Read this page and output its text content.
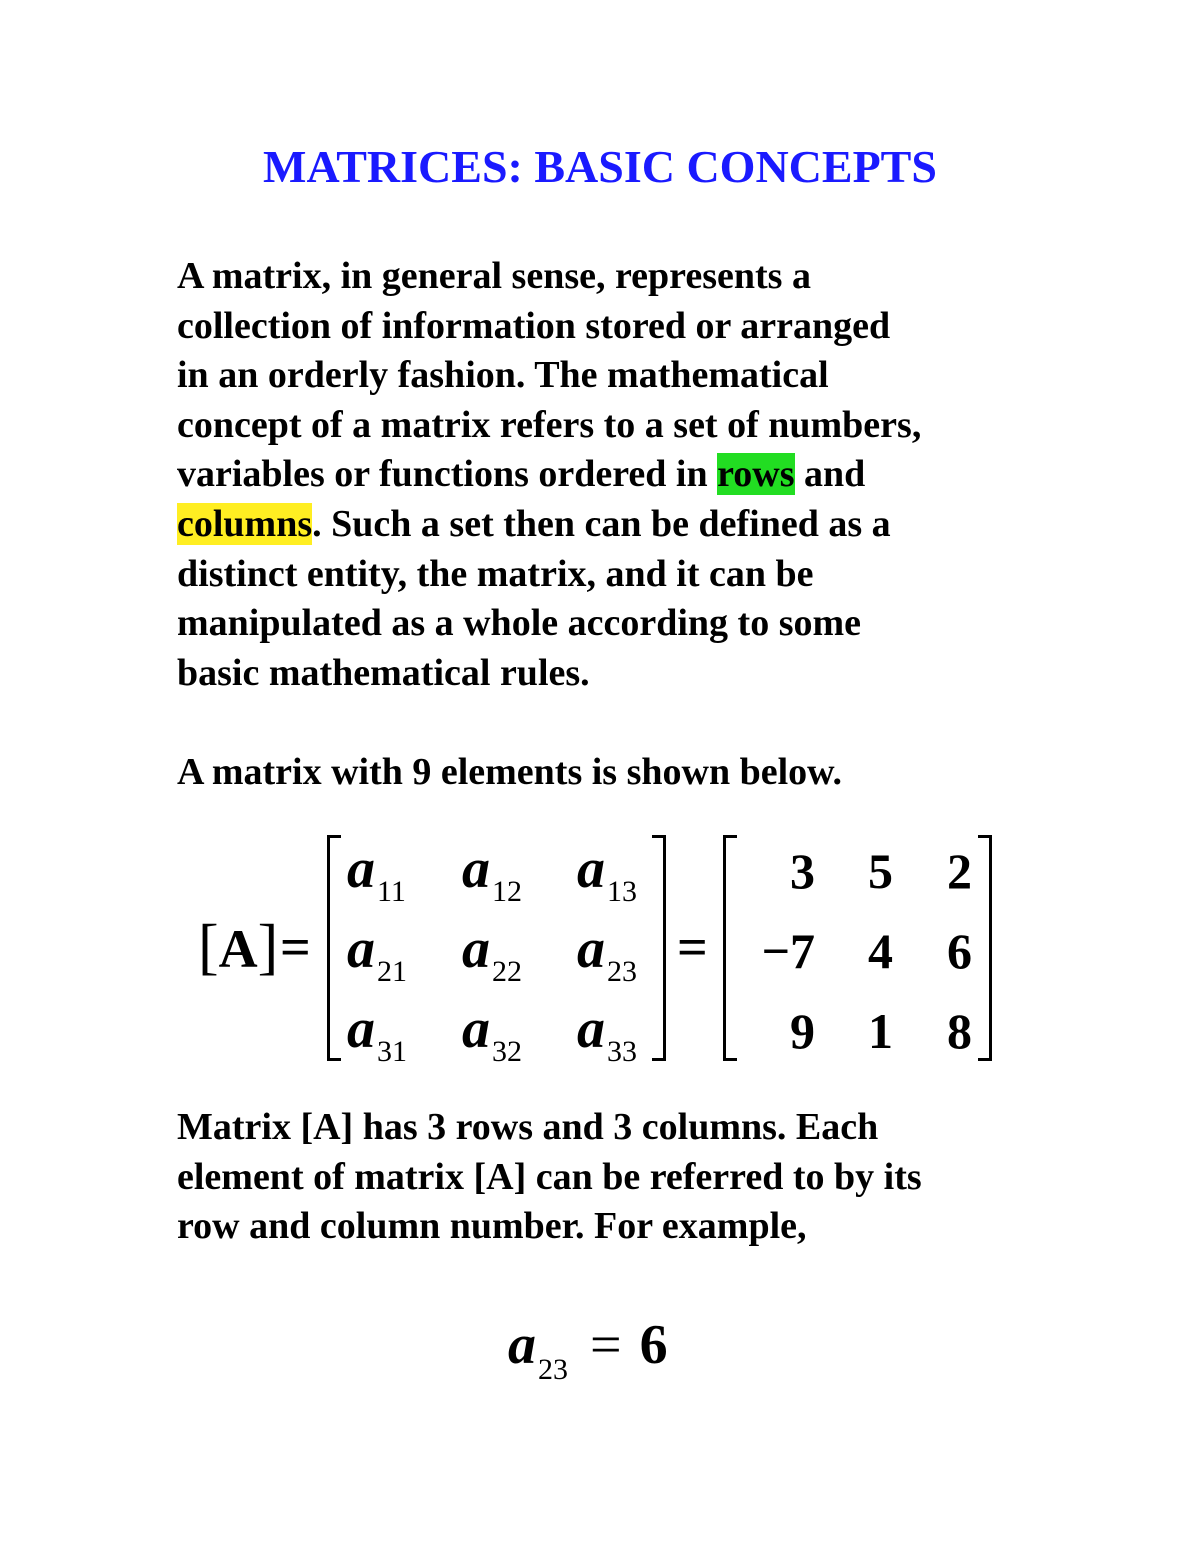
MATRICES: BASIC CONCEPTS

A matrix, in general sense, represents a
collection of information stored or arranged
in an orderly fashion. The mathematical
concept of a matrix refers to a set of numbers,
variables or functions ordered in rows and
columns. Such a set then can be defined as a
distinct entity, the matrix, and it can be
manipulated as a whole according to some
basic mathematical rules.

A matrix with 9 elements is shown below.

[A] =	=
$a_{11}$ $a_{12}$ $a_{13}$
$a_{21}$ $a_{22}$ $a_{23}$
$a_{31}$ $a_{32}$ $a_{33}$
3	5	2
−7	4	6
9	1	8

Matrix [A] has 3 rows and 3 columns. Each
element of matrix [A] can be referred to by its
row and column number. For example,

$a_{23} = 6$
